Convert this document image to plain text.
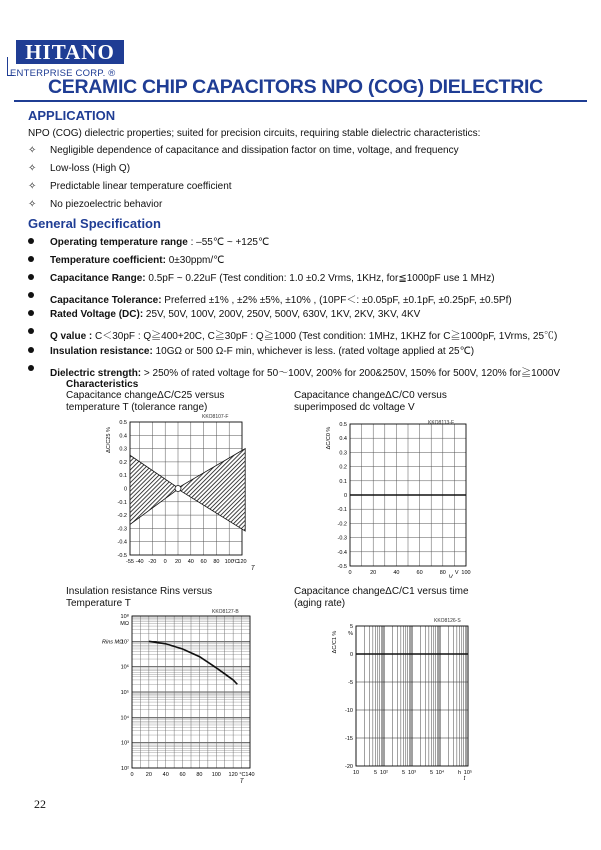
HITANO
ENTERPRISE CORP. ®
CERAMIC CHIP CAPACITORS NPO (COG) DIELECTRIC
APPLICATION
NPO (COG) dielectric properties; suited for precision circuits, requiring stable dielectric characteristics:
✧	Negligible dependence of capacitance and dissipation factor on time, voltage, and frequency
✧	Low-loss (High Q)
✧	Predictable linear temperature coefficient
✧	No piezoelectric behavior
General Specification
Operating temperature range : –55℃ ~ +125℃
Temperature coefficient: 0±30ppm/℃
Capacitance Range: 0.5pF ~ 0.22uF (Test condition: 1.0 ±0.2 Vrms, 1KHz, for≦1000pF use 1 MHz)
Capacitance Tolerance: Preferred ±1% , ±2% ±5%, ±10% , (10PF＜: ±0.05pF, ±0.1pF, ±0.25pF, ±0.5Pf)
Rated Voltage (DC): 25V, 50V, 100V, 200V, 250V, 500V, 630V, 1KV, 2KV, 3KV, 4KV
Q value : C＜30pF : Q≧400+20C, C≧30pF : Q≧1000 (Test condition: 1MHz, 1KHZ for C≧1000pF, 1Vrms, 25℃)
Insulation resistance: 10GΩ or 500 Ω-F min, whichever is less. (rated voltage applied at 25℃)
Dielectric strength: > 250% of rated voltage for 50～100V, 200% for 200&250V, 150% for 500V, 120% for≧1000V
Characteristics
Capacitance changeΔC/C25 versus
temperature T (tolerance range)
Capacitance changeΔC/C0 versus
superimposed dc voltage V
Insulation resistance Rins versus
Temperature T
Capacitance changeΔC/C1 versus time
(aging rate)
KKO8107-F
0.5
0.4
0.3
0.2
0.1
0
-0.1
-0.2
-0.3
-0.4
-0.5
-55 -40 -20 0 20 40 60 80 100
°C
120
T
ΔC/C25 %
KKO8113-F
0.5
0.4
0.3
0.2
0.1
0
-0.1
-0.2
-0.3
-0.4
-0.5
0	20	40	60	80 V 100
V
ΔC/C0 %
KKO8127-B
10⁸
MΩ
10⁷
10⁶
10⁵
10⁴
10³
10²
0 20 40 60 80 100 120 °C 140
T
Rins MΩ
KKO8126-S
5
%
0
-5
-10
-15
-20
10	5 10²	5 10³	5 10⁴	h 10⁵
t
ΔC/C1 %
22
